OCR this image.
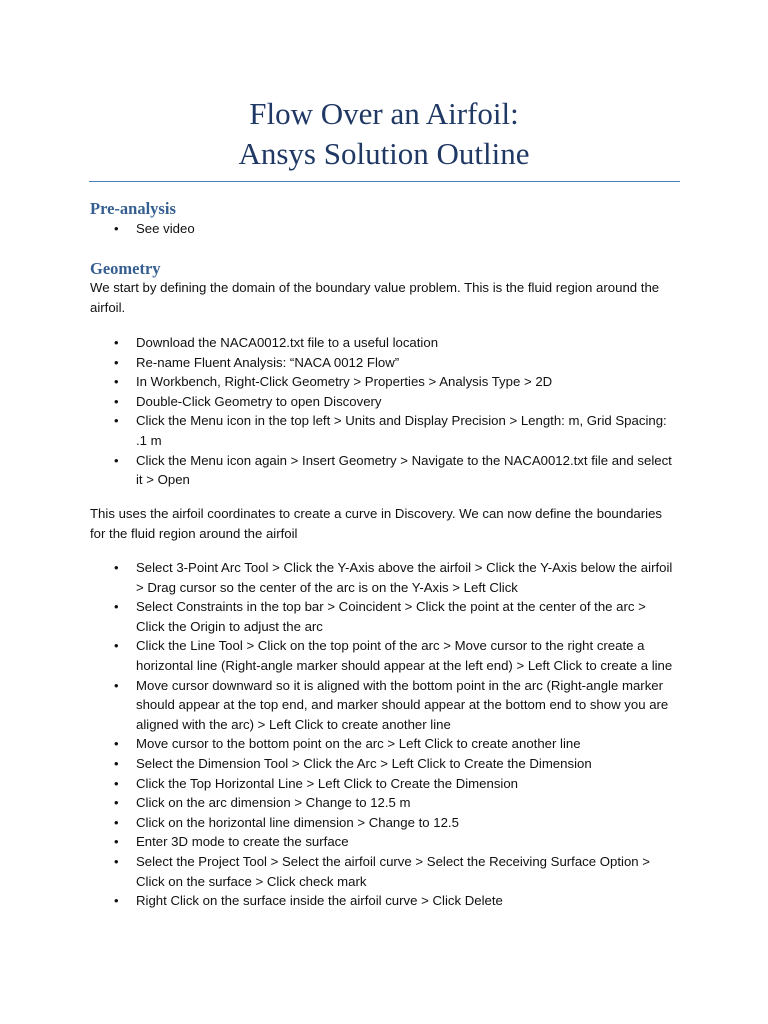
Flow Over an Airfoil:
Ansys Solution Outline
Pre-analysis
• See video
Geometry

We start by defining the domain of the boundary value problem. This is the fluid region around the airfoil.

• Download the NACA0012.txt file to a useful location
• Re-name Fluent Analysis: “NACA 0012 Flow”
• In Workbench, Right-Click Geometry > Properties > Analysis Type > 2D
• Double-Click Geometry to open Discovery
• Click the Menu icon in the top left > Units and Display Precision > Length: m, Grid Spacing: .1 m
• Click the Menu icon again > Insert Geometry > Navigate to the NACA0012.txt file and select it > Open

This uses the airfoil coordinates to create a curve in Discovery. We can now define the boundaries for the fluid region around the airfoil

• Select 3-Point Arc Tool > Click the Y-Axis above the airfoil > Click the Y-Axis below the airfoil > Drag cursor so the center of the arc is on the Y-Axis > Left Click
• Select Constraints in the top bar > Coincident > Click the point at the center of the arc > Click the Origin to adjust the arc
• Click the Line Tool > Click on the top point of the arc > Move cursor to the right create a horizontal line (Right-angle marker should appear at the left end) > Left Click to create a line
• Move cursor downward so it is aligned with the bottom point in the arc (Right-angle marker should appear at the top end, and marker should appear at the bottom end to show you are aligned with the arc) > Left Click to create another line
• Move cursor to the bottom point on the arc > Left Click to create another line
• Select the Dimension Tool > Click the Arc > Left Click to Create the Dimension
• Click the Top Horizontal Line > Left Click to Create the Dimension
• Click on the arc dimension > Change to 12.5 m
• Click on the horizontal line dimension > Change to 12.5
• Enter 3D mode to create the surface
• Select the Project Tool > Select the airfoil curve > Select the Receiving Surface Option > Click on the surface > Click check mark
• Right Click on the surface inside the airfoil curve > Click Delete
